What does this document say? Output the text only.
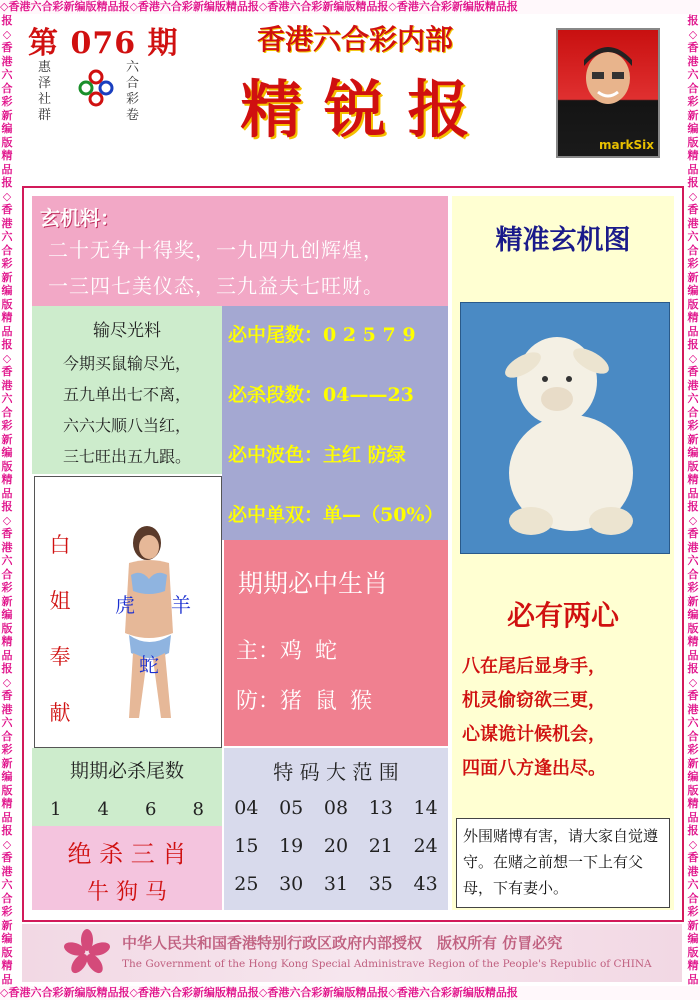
◇香港六合彩新编版精品报◇香港六合彩新编版精品报◇香港六合彩新编版精品报◇香港六合彩新编版精品报
◇香港六合彩新编版精品报◇香港六合彩新编版精品报◇香港六合彩新编版精品报◇香港六合彩新编版精品报
报◇香港六合彩新编版精品报◇香港六合彩新编版精品报◇香港六合彩新编版精品报◇香港六合彩新编版精品报◇香港六合彩新编版精品报◇香港六合彩新编版精品
报◇香港六合彩新编版精品报◇香港六合彩新编版精品报◇香港六合彩新编版精品报◇香港六合彩新编版精品报◇香港六合彩新编版精品报◇香港六合彩新编版精品
第 076 期
惠泽
社
群
六合
彩卷
香港六合彩内部
精 锐 报	markSix
玄机料：
二十无争十得奖，一九四九创辉煌，
一三四七美仪态，三九益夫七旺财。
输尽光料
今期买鼠输尽光，
五九单出七不离，
六六大顺八当红，
三七旺出五九跟。
必中尾数：0 2 5 7 9
必杀段数：04——23
必中波色：主红 防绿
必中单双：单—（50%）
白
姐
奉
献
虎 羊
蛇
期期必中生肖
主：鸡 蛇
防：猪 鼠 猴
期期必杀尾数
1 4 6 8
绝 杀 三 肖
牛 狗 马
特 码 大 范 围
04 05 08 13 14
15 19 20 21 24
25 30 31 35 43
精准玄机图
必有两心
八在尾后显身手，
机灵偷窃欲三更，
心谋诡计候机会，
四面八方逢出尽。
外围赌博有害，请大家自觉遵守。在赌之前想一下上有父母，下有妻小。
中华人民共和国香港特别行政区政府内部授权　版权所有 仿冒必究
The Government of the Hong Kong Special Administrave Region of the People's Republic of CHINA
